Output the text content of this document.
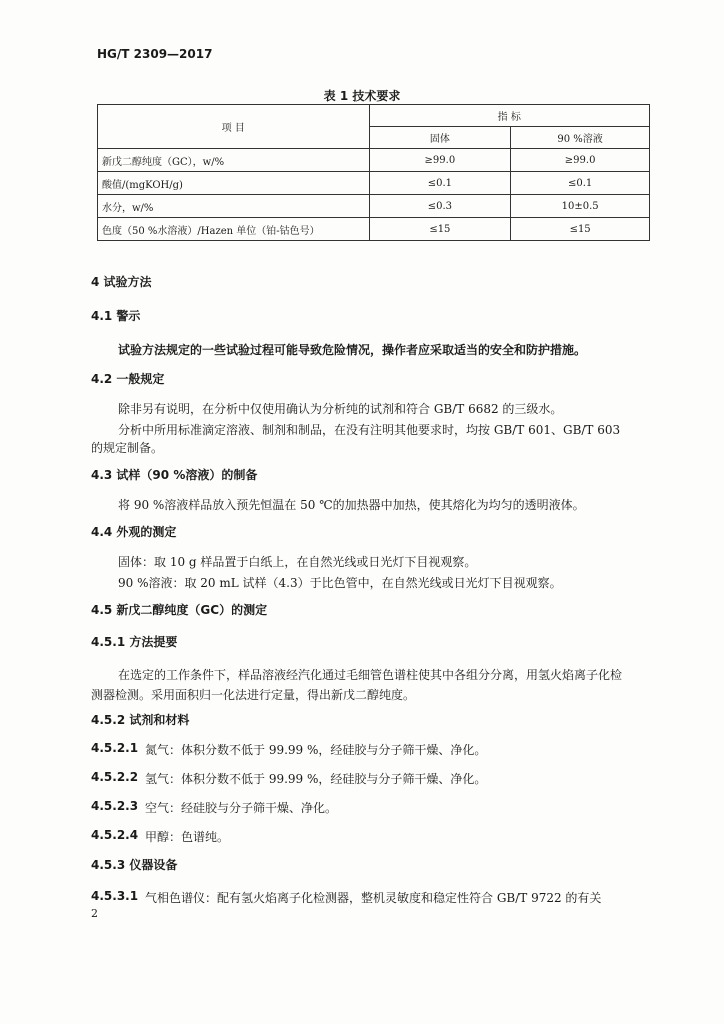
HG/T 2309—2017
表 1 技术要求
项 目	指 标	
	固体	90 %溶液
新戊二醇纯度（GC），w/%	≥99.0	≥99.0
酸值/(mgKOH/g)	≤0.1	≤0.1
水分，w/%	≤0.3	10±0.5
色度（50 %水溶液）/Hazen 单位（铂-钴色号）	≤15	≤15
4 试验方法
4.1 警示
试验方法规定的一些试验过程可能导致危险情况，操作者应采取适当的安全和防护措施。
4.2 一般规定
除非另有说明，在分析中仅使用确认为分析纯的试剂和符合 GB/T 6682 的三级水。
分析中所用标准滴定溶液、制剂和制品，在没有注明其他要求时，均按 GB/T 601、GB/T 603
的规定制备。
4.3 试样（90 %溶液）的制备
将 90 %溶液样品放入预先恒温在 50 ℃的加热器中加热，使其熔化为均匀的透明液体。
4.4 外观的测定
固体：取 10 g 样品置于白纸上，在自然光线或日光灯下目视观察。
90 %溶液：取 20 mL 试样（4.3）于比色管中，在自然光线或日光灯下目视观察。
4.5 新戊二醇纯度（GC）的测定
4.5.1 方法提要
在选定的工作条件下，样品溶液经汽化通过毛细管色谱柱使其中各组分分离，用氢火焰离子化检
测器检测。采用面积归一化法进行定量，得出新戊二醇纯度。
4.5.2 试剂和材料
4.5.2.1 氮气：体积分数不低于 99.99 %，经硅胶与分子筛干燥、净化。
4.5.2.2 氢气：体积分数不低于 99.99 %，经硅胶与分子筛干燥、净化。
4.5.2.3 空气：经硅胶与分子筛干燥、净化。
4.5.2.4 甲醇：色谱纯。
4.5.3 仪器设备
4.5.3.1 气相色谱仪：配有氢火焰离子化检测器，整机灵敏度和稳定性符合 GB/T 9722 的有关
2
